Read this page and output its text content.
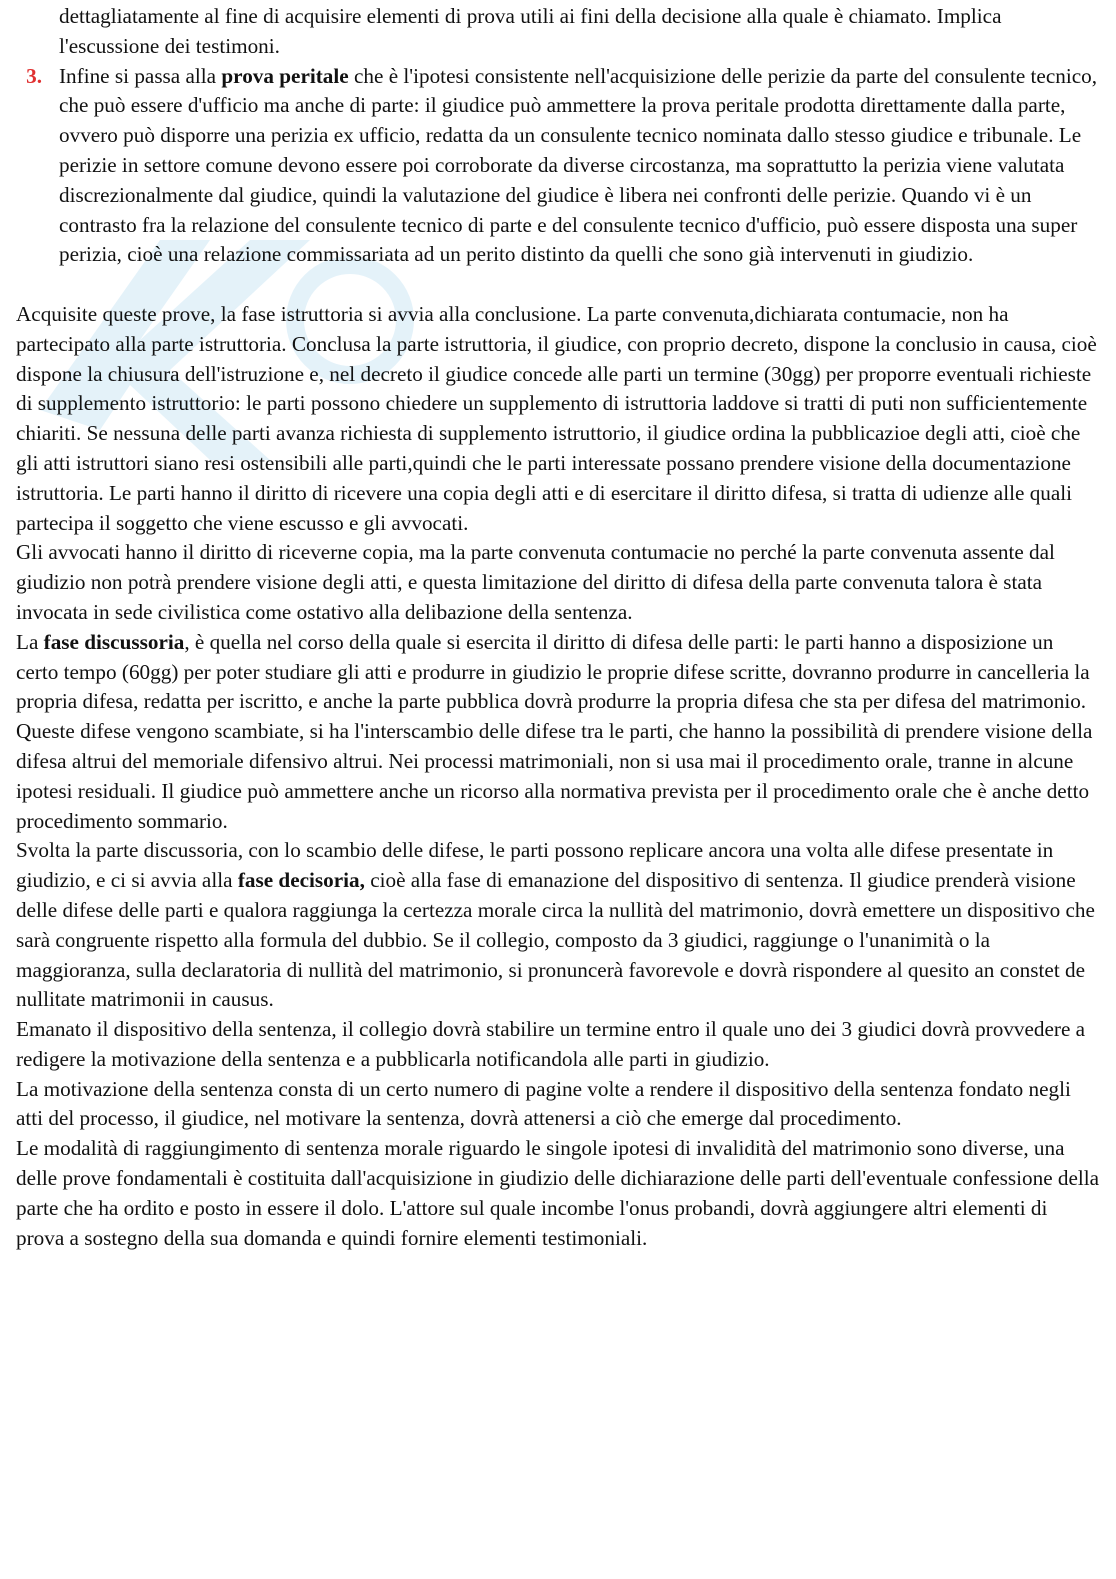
dettagliatamente al fine di acquisire elementi di prova utili ai fini della decisione alla quale è chiamato. Implica l'escussione dei testimoni.
3. Infine si passa alla prova peritale che è l'ipotesi consistente nell'acquisizione delle perizie da parte del consulente tecnico, che può essere d'ufficio ma anche di parte: il giudice può ammettere la prova peritale prodotta direttamente dalla parte, ovvero può disporre una perizia ex ufficio, redatta da un consulente tecnico nominata dallo stesso giudice e tribunale. Le perizie in settore comune devono essere poi corroborate da diverse circostanza, ma soprattutto la perizia viene valutata discrezionalmente dal giudice, quindi la valutazione del giudice è libera nei confronti delle perizie. Quando vi è un contrasto fra la relazione del consulente tecnico di parte e del consulente tecnico d'ufficio, può essere disposta una super perizia, cioè una relazione commissariata ad un perito distinto da quelli che sono già intervenuti in giudizio.

Acquisite queste prove, la fase istruttoria si avvia alla conclusione. La parte convenuta,dichiarata contumacie, non ha partecipato alla parte istruttoria. Conclusa la parte istruttoria, il giudice, con proprio decreto, dispone la conclusio in causa, cioè dispone la chiusura dell'istruzione e, nel decreto il giudice concede alle parti un termine (30gg) per proporre eventuali richieste di supplemento istruttorio: le parti possono chiedere un supplemento di istruttoria laddove si tratti di puti non sufficientemente chiariti. Se nessuna delle parti avanza richiesta di supplemento istruttorio, il giudice ordina la pubblicazioe degli atti, cioè che gli atti istruttori siano resi ostensibili alle parti,quindi che le parti interessate possano prendere visione della documentazione istruttoria. Le parti hanno il diritto di ricevere una copia degli atti e di esercitare il diritto difesa, si tratta di udienze alle quali partecipa il soggetto che viene escusso e gli avvocati.

Gli avvocati hanno il diritto di riceverne copia, ma la parte convenuta contumacie no perché la parte convenuta assente dal giudizio non potrà prendere visione degli atti, e questa limitazione del diritto di difesa della parte convenuta talora è stata invocata in sede civilistica come ostativo alla delibazione della sentenza.

La fase discussoria, è quella nel corso della quale si esercita il diritto di difesa delle parti: le parti hanno a disposizione un certo tempo (60gg) per poter studiare gli atti e produrre in giudizio le proprie difese scritte, dovranno produrre in cancelleria la propria difesa, redatta per iscritto, e anche la parte pubblica dovrà produrre la propria difesa che sta per difesa del matrimonio.

Queste difese vengono scambiate, si ha l'interscambio delle difese tra le parti, che hanno la possibilità di prendere visione della difesa altrui del memoriale difensivo altrui. Nei processi matrimoniali, non si usa mai il procedimento orale, tranne in alcune ipotesi residuali. Il giudice può ammettere anche un ricorso alla normativa prevista per il procedimento orale che è anche detto procedimento sommario.

Svolta la parte discussoria, con lo scambio delle difese, le parti possono replicare ancora una volta alle difese presentate in giudizio, e ci si avvia alla fase decisoria, cioè alla fase di emanazione del dispositivo di sentenza. Il giudice prenderà visione delle difese delle parti e qualora raggiunga la certezza morale circa la nullità del matrimonio, dovrà emettere un dispositivo che sarà congruente rispetto alla formula del dubbio. Se il collegio, composto da 3 giudici, raggiunge o l'unanimità o la maggioranza, sulla declaratoria di nullità del matrimonio, si pronuncerà favorevole e dovrà rispondere al quesito an constet de nullitate matrimonii in causus.

Emanato il dispositivo della sentenza, il collegio dovrà stabilire un termine entro il quale uno dei 3 giudici dovrà provvedere a redigere la motivazione della sentenza e a pubblicarla notificandola alle parti in giudizio.

La motivazione della sentenza consta di un certo numero di pagine volte a rendere il dispositivo della sentenza fondato negli atti del processo, il giudice, nel motivare la sentenza, dovrà attenersi a ciò che emerge dal procedimento.

Le modalità di raggiungimento di sentenza morale riguardo le singole ipotesi di invalidità del matrimonio sono diverse, una delle prove fondamentali è costituita dall'acquisizione in giudizio delle dichiarazione delle parti dell'eventuale confessione della parte che ha ordito e posto in essere il dolo. L'attore sul quale incombe l'onus probandi, dovrà aggiungere altri elementi di prova a sostegno della sua domanda e quindi fornire elementi testimoniali.
